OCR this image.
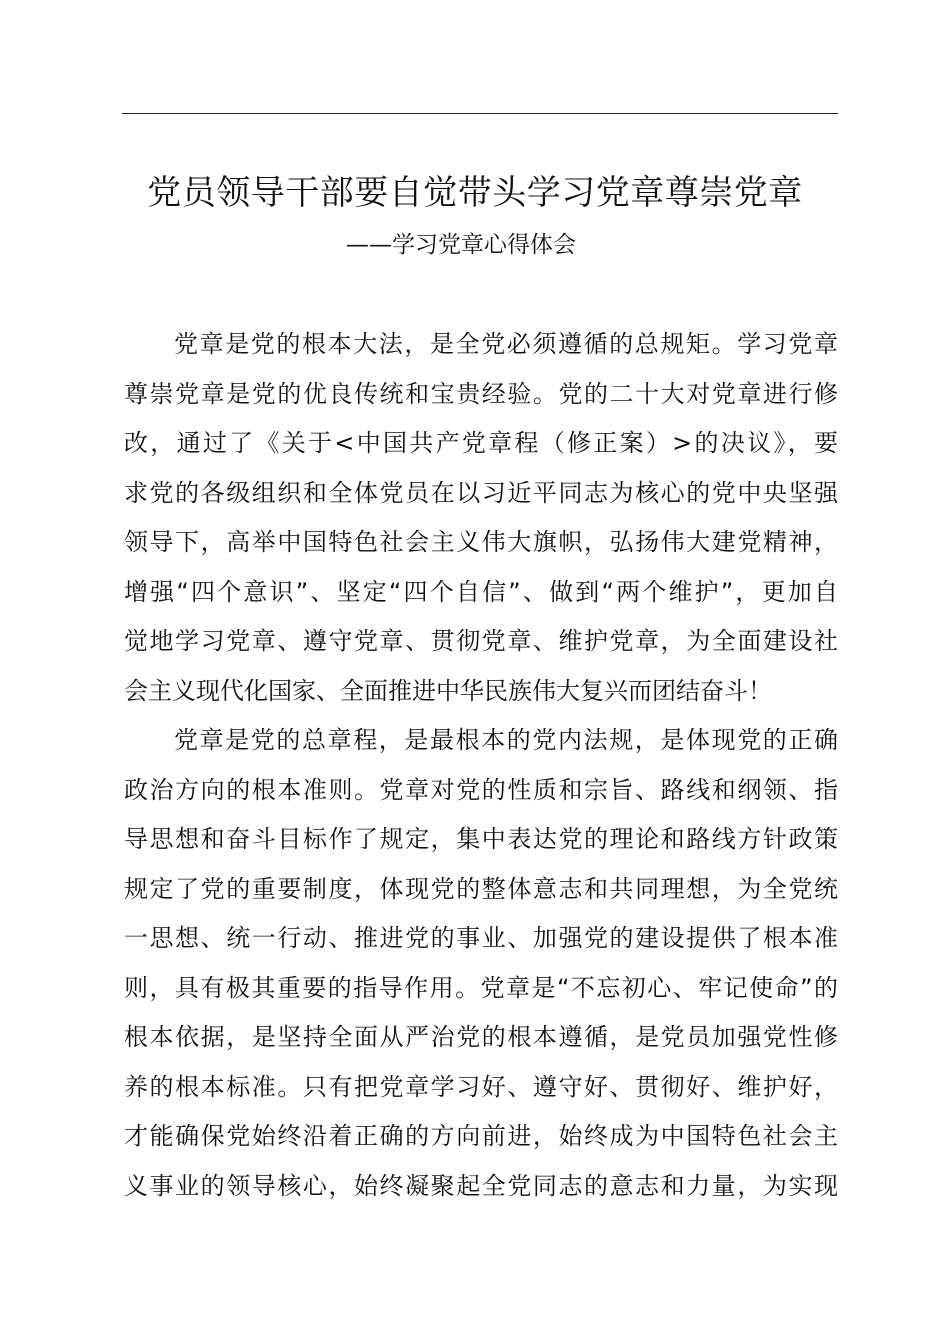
党员领导干部要自觉带头学习党章尊崇党章
——学习党章心得体会
党章是党的根本大法，是全党必须遵循的总规矩。学习党章
尊崇党章是党的优良传统和宝贵经验。党的二十大对党章进行修
改，通过了《关于<中国共产党章程（修正案）>的决议》，要
求党的各级组织和全体党员在以习近平同志为核心的党中央坚强
领导下，高举中国特色社会主义伟大旗帜，弘扬伟大建党精神，
增强“四个意识”、坚定“四个自信”、做到“两个维护”，更加自
觉地学习党章、遵守党章、贯彻党章、维护党章，为全面建设社
会主义现代化国家、全面推进中华民族伟大复兴而团结奋斗！
党章是党的总章程，是最根本的党内法规，是体现党的正确
政治方向的根本准则。党章对党的性质和宗旨、路线和纲领、指
导思想和奋斗目标作了规定，集中表达党的理论和路线方针政策
规定了党的重要制度，体现党的整体意志和共同理想，为全党统
一思想、统一行动、推进党的事业、加强党的建设提供了根本准
则，具有极其重要的指导作用。党章是“不忘初心、牢记使命”的
根本依据，是坚持全面从严治党的根本遵循，是党员加强党性修
养的根本标准。只有把党章学习好、遵守好、贯彻好、维护好，
才能确保党始终沿着正确的方向前进，始终成为中国特色社会主
义事业的领导核心，始终凝聚起全党同志的意志和力量，为实现
